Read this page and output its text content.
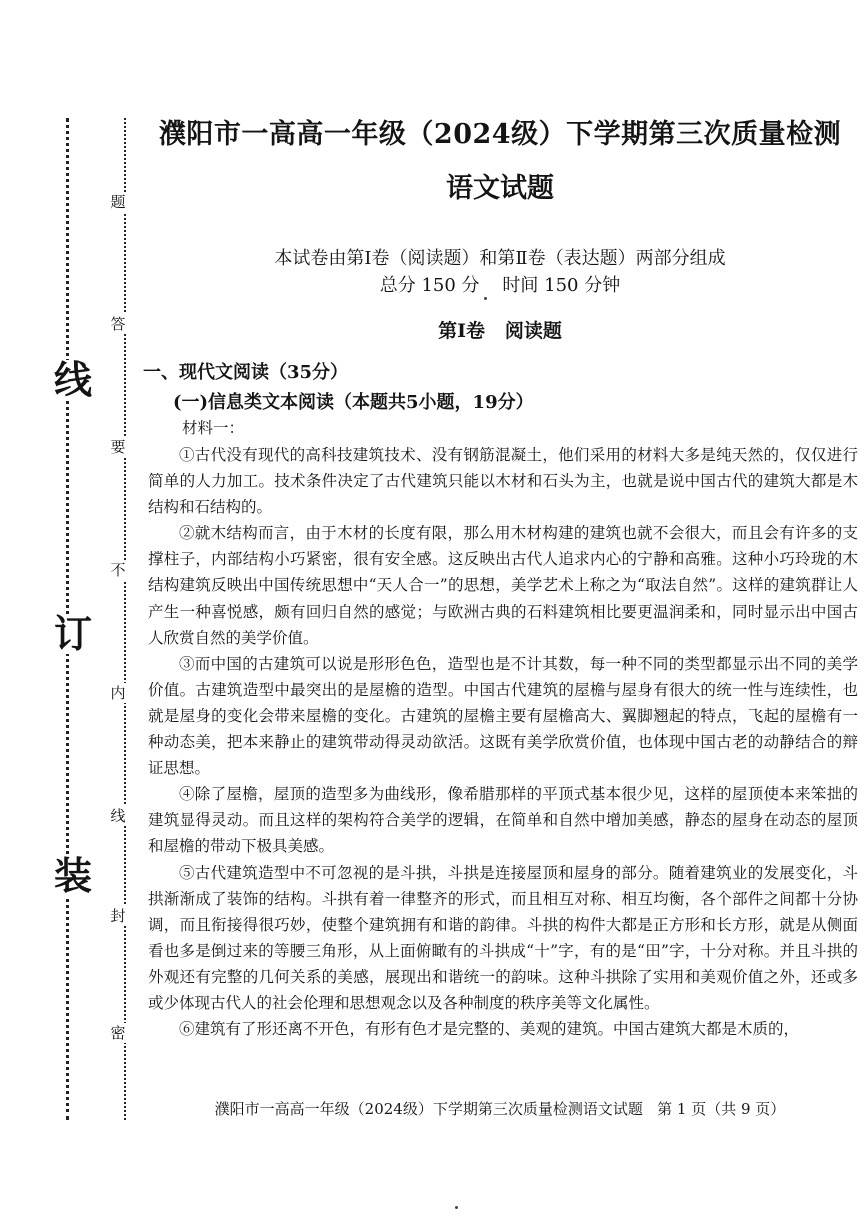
线
订
装
题
答
要
不
内
线
封
密
濮阳市一高高一年级（2024级）下学期第三次质量检测
语文试题
本试卷由第Ⅰ卷（阅读题）和第Ⅱ卷（表达题）两部分组成
总分 150 分    时间 150 分钟
第Ⅰ卷   阅读题
一、现代文阅读（35分）
(一)信息类文本阅读（本题共5小题，19分）
材料一：

①古代没有现代的高科技建筑技术、没有钢筋混凝土，他们采用的材料大多是纯天然的，仅仅进行简单的人力加工。技术条件决定了古代建筑只能以木材和石头为主，也就是说中国古代的建筑大都是木结构和石结构的。

②就木结构而言，由于木材的长度有限，那么用木材构建的建筑也就不会很大，而且会有许多的支撑柱子，内部结构小巧紧密，很有安全感。这反映出古代人追求内心的宁静和高雅。这种小巧玲珑的木结构建筑反映出中国传统思想中“天人合一”的思想，美学艺术上称之为“取法自然”。这样的建筑群让人产生一种喜悦感，颇有回归自然的感觉；与欧洲古典的石料建筑相比要更温润柔和，同时显示出中国古人欣赏自然的美学价值。

③而中国的古建筑可以说是形形色色，造型也是不计其数，每一种不同的类型都显示出不同的美学价值。古建筑造型中最突出的是屋檐的造型。中国古代建筑的屋檐与屋身有很大的统一性与连续性，也就是屋身的变化会带来屋檐的变化。古建筑的屋檐主要有屋檐高大、翼脚翘起的特点，飞起的屋檐有一种动态美，把本来静止的建筑带动得灵动欲活。这既有美学欣赏价值，也体现中国古老的动静结合的辩证思想。

④除了屋檐，屋顶的造型多为曲线形，像希腊那样的平顶式基本很少见，这样的屋顶使本来笨拙的建筑显得灵动。而且这样的架构符合美学的逻辑，在简单和自然中增加美感，静态的屋身在动态的屋顶和屋檐的带动下极具美感。

⑤古代建筑造型中不可忽视的是斗拱，斗拱是连接屋顶和屋身的部分。随着建筑业的发展变化，斗拱渐渐成了装饰的结构。斗拱有着一律整齐的形式，而且相互对称、相互均衡，各个部件之间都十分协调，而且衔接得很巧妙，使整个建筑拥有和谐的韵律。斗拱的构件大都是正方形和长方形，就是从侧面看也多是倒过来的等腰三角形，从上面俯瞰有的斗拱成“十”字，有的是“田”字，十分对称。并且斗拱的外观还有完整的几何关系的美感，展现出和谐统一的韵味。这种斗拱除了实用和美观价值之外，还或多或少体现古代人的社会伦理和思想观念以及各种制度的秩序美等文化属性。

⑥建筑有了形还离不开色，有形有色才是完整的、美观的建筑。中国古建筑大都是木质的，

濮阳市一高高一年级（2024级）下学期第三次质量检测语文试题   第 1 页（共 9 页）
